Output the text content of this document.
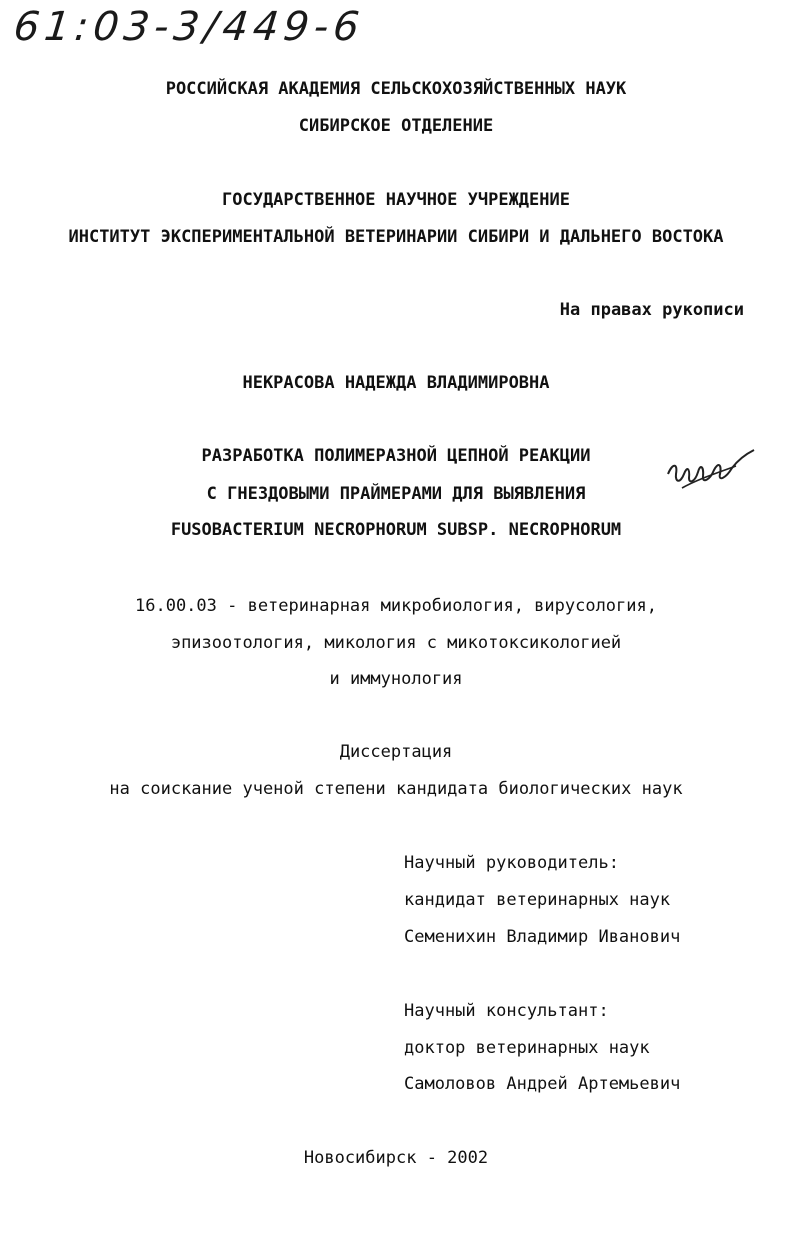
61:03-3/449-6
РОССИЙСКАЯ АКАДЕМИЯ СЕЛЬСКОХОЗЯЙСТВЕННЫХ НАУК
СИБИРСКОЕ ОТДЕЛЕНИЕ
ГОСУДАРСТВЕННОЕ НАУЧНОЕ УЧРЕЖДЕНИЕ
ИНСТИТУТ ЭКСПЕРИМЕНТАЛЬНОЙ ВЕТЕРИНАРИИ СИБИРИ И ДАЛЬНЕГО ВОСТОКА
На правах рукописи
НЕКРАСОВА НАДЕЖДА ВЛАДИМИРОВНА
РАЗРАБОТКА ПОЛИМЕРАЗНОЙ ЦЕПНОЙ РЕАКЦИИ
С ГНЕЗДОВЫМИ ПРАЙМЕРАМИ ДЛЯ ВЫЯВЛЕНИЯ
FUSOBACTERIUM NECROPHORUM SUBSP. NECROPHORUM
16.00.03 - ветеринарная микробиология, вирусология,
эпизоотология, микология с микотоксикологией
и иммунология
Диссертация
на соискание ученой степени кандидата биологических наук
Научный руководитель:
кандидат ветеринарных наук
Семенихин Владимир Иванович
Научный консультант:
доктор ветеринарных наук
Самоловов Андрей Артемьевич
Новосибирск - 2002
